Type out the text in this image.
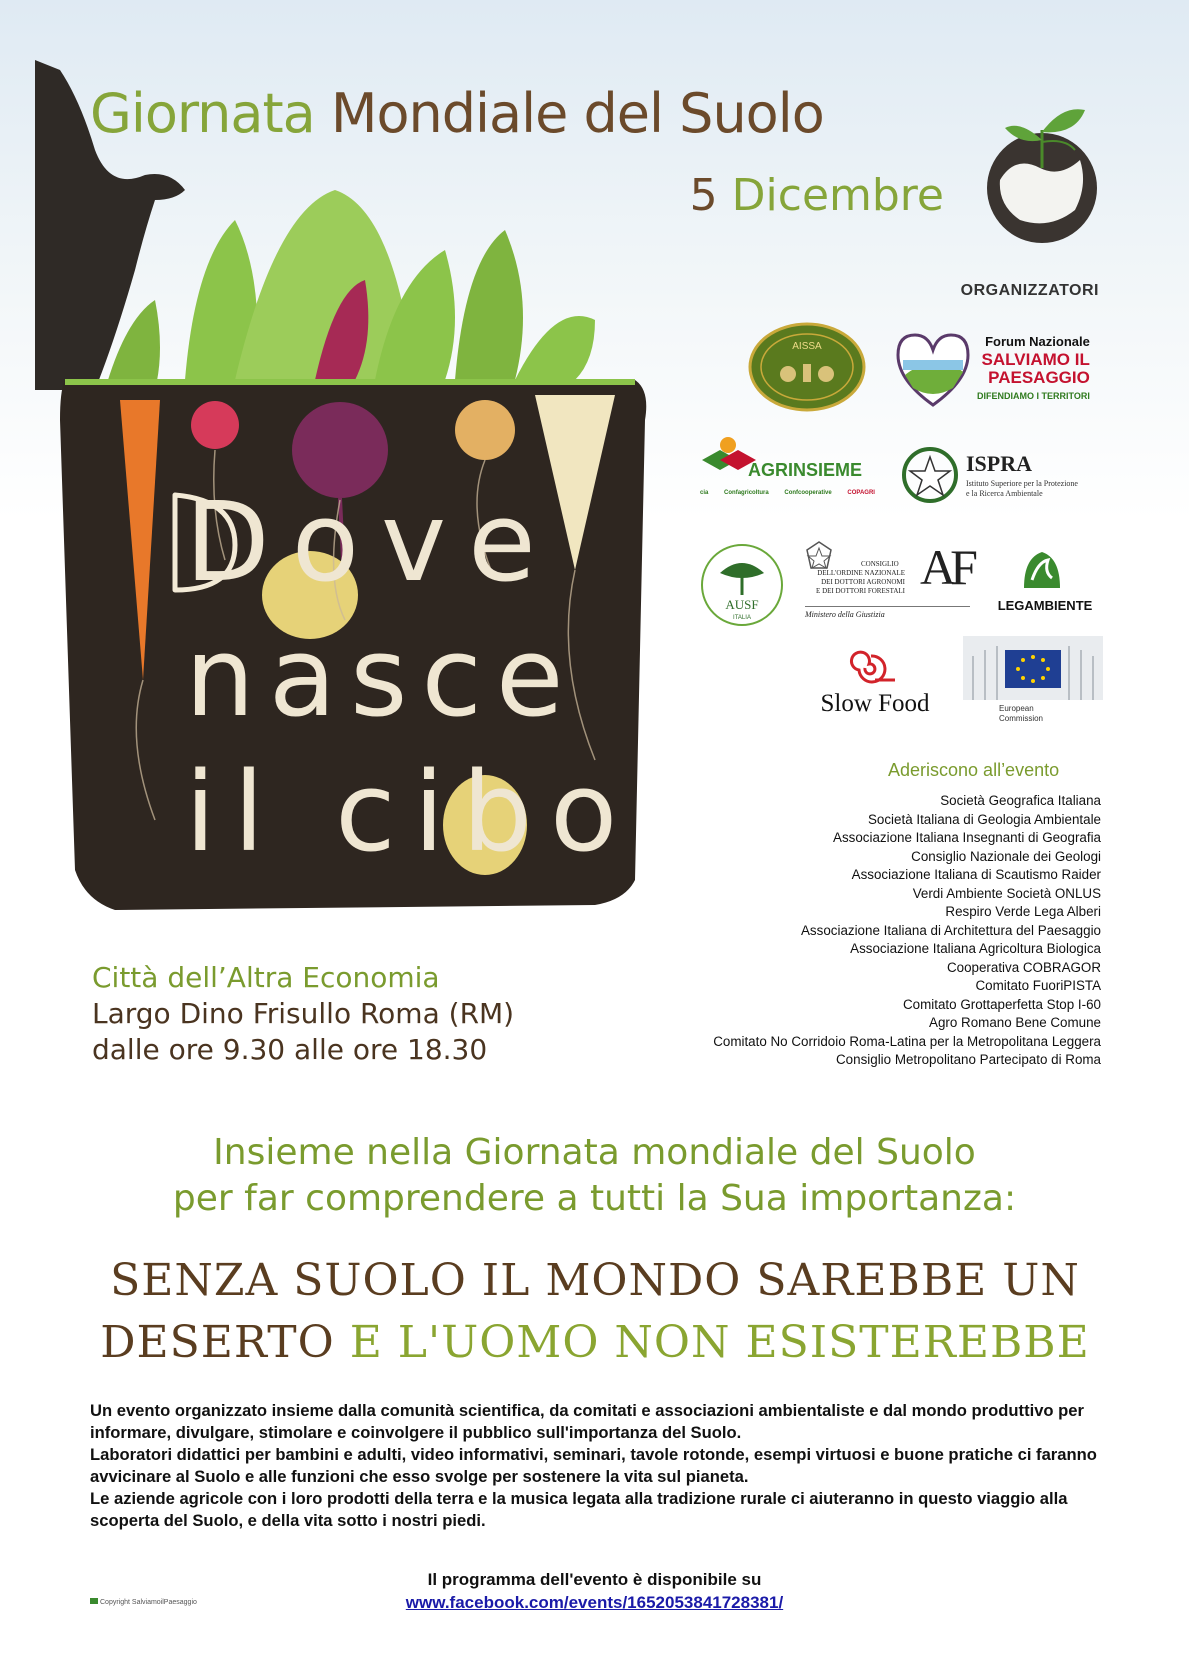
Giornata Mondiale del Suolo
5 Dicembre
Dove
nasce
il cibo
ORGANIZZATORI
AISSA	Forum Nazionale
SALVIAMO IL
PAESAGGIO
DIFENDIAMO I TERRITORI
AGRINSIEME
cia	Confagricoltura	Confcooperative	COPAGRI
ISPRA
Istituto Superiore per la Protezione
e la Ricerca Ambientale
AUSF
ITALIA
CONSIGLIO
DELL'ORDINE NAZIONALE
DEI DOTTORI AGRONOMI
E DEI DOTTORI FORESTALI AF
Ministero della Giustizia
LEGAMBIENTE
Slow Food	European
Commission
Aderiscono all’evento
Società Geografica Italiana
Società Italiana di Geologia Ambientale
Associazione Italiana Insegnanti di Geografia
Consiglio Nazionale dei Geologi
Associazione Italiana di Scautismo Raider
Verdi Ambiente Società ONLUS
Respiro Verde Lega Alberi
Associazione Italiana di Architettura del Paesaggio
Associazione Italiana Agricoltura Biologica
Cooperativa COBRAGOR
Comitato FuoriPISTA
Comitato Grottaperfetta Stop I-60
Agro Romano Bene Comune
Comitato No Corridoio Roma-Latina per la Metropolitana Leggera
Consiglio Metropolitano Partecipato di Roma
Città dell’Altra Economia
Largo Dino Frisullo Roma (RM)
dalle ore 9.30 alle ore 18.30
Insieme nella Giornata mondiale del Suolo
per far comprendere a tutti la Sua importanza:
SENZA SUOLO IL MONDO SAREBBE UN
DESERTO E L'UOMO NON ESISTEREBBE
Un evento organizzato insieme dalla comunità scientifica, da comitati e associazioni ambientaliste e dal mondo produttivo per informare, divulgare, stimolare e coinvolgere il pubblico sull'importanza del Suolo.
Laboratori didattici per bambini e adulti, video informativi, seminari, tavole rotonde, esempi virtuosi e buone pratiche ci faranno avvicinare al Suolo e alle funzioni che esso svolge per sostenere la vita sul pianeta.
Le aziende agricole con i loro prodotti della terra e la musica legata alla tradizione rurale ci aiuteranno in questo viaggio alla scoperta del Suolo, e della vita sotto i nostri piedi.
Il programma dell'evento è disponibile su
www.facebook.com/events/1652053841728381/
Copyright SalviamoilPaesaggio
